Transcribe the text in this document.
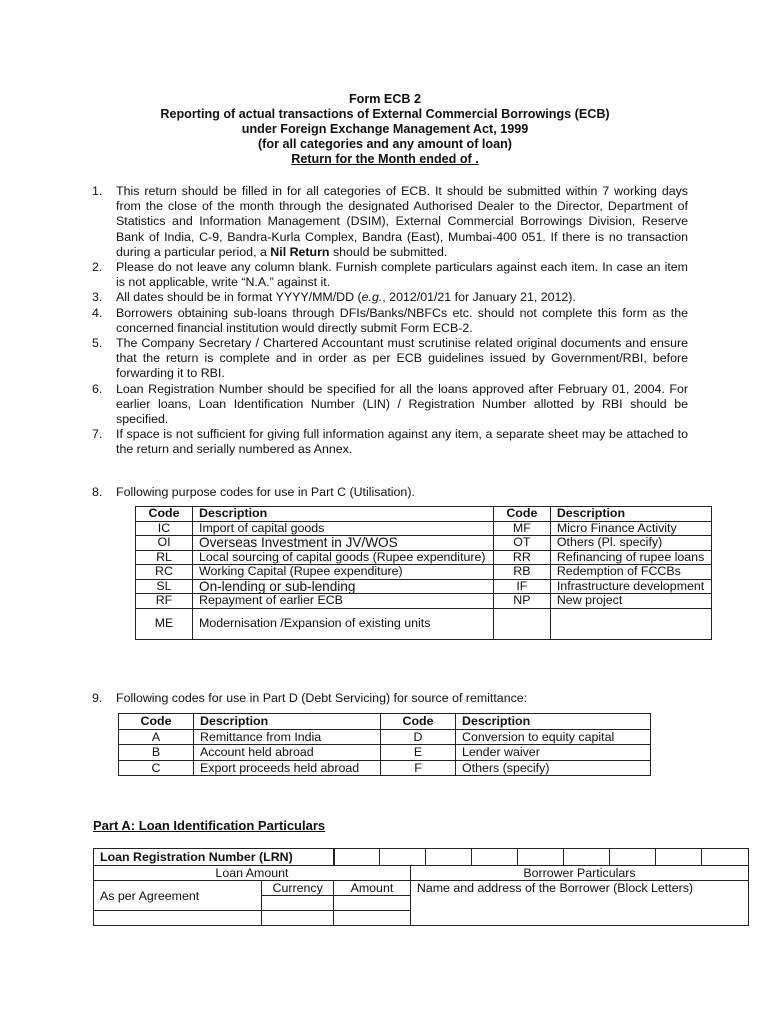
Form ECB 2
Reporting of actual transactions of External Commercial Borrowings (ECB)
under Foreign Exchange Management Act, 1999
(for all categories and any amount of loan)
Return for the Month ended of .
1. This return should be filled in for all categories of ECB. It should be submitted within 7 working days from the close of the month through the designated Authorised Dealer to the Director, Department of Statistics and Information Management (DSIM), External Commercial Borrowings Division, Reserve Bank of India, C-9, Bandra-Kurla Complex, Bandra (East), Mumbai-400 051. If there is no transaction during a particular period, a Nil Return should be submitted.
2. Please do not leave any column blank. Furnish complete particulars against each item. In case an item is not applicable, write “N.A.” against it.
3. All dates should be in format YYYY/MM/DD (e.g., 2012/01/21 for January 21, 2012).
4. Borrowers obtaining sub-loans through DFIs/Banks/NBFCs etc. should not complete this form as the concerned financial institution would directly submit Form ECB-2.
5. The Company Secretary / Chartered Accountant must scrutinise related original documents and ensure that the return is complete and in order as per ECB guidelines issued by Government/RBI, before forwarding it to RBI.
6. Loan Registration Number should be specified for all the loans approved after February 01, 2004. For earlier loans, Loan Identification Number (LIN) / Registration Number allotted by RBI should be specified.
7. If space is not sufficient for giving full information against any item, a separate sheet may be attached to the return and serially numbered as Annex.
8. Following purpose codes for use in Part C (Utilisation).
Code	Description	Code	Description
IC	Import of capital goods	MF	Micro Finance Activity
OI	Overseas Investment in JV/WOS	OT	Others (Pl. specify)
RL	Local sourcing of capital goods (Rupee expenditure)	RR	Refinancing of rupee loans
RC	Working Capital (Rupee expenditure)	RB	Redemption of FCCBs
SL	On-lending or sub-lending	IF	Infrastructure development
RF	Repayment of earlier ECB	NP	New project
ME	Modernisation /Expansion of existing units		
9. Following codes for use in Part D (Debt Servicing) for source of remittance:
Code	Description	Code	Description
A	Remittance from India	D	Conversion to equity capital
B	Account held abroad	E	Lender waiver
C	Export proceeds held abroad	F	Others (specify)
Part A: Loan Identification Particulars
Loan Registration Number (LRN)			

Loan Amount			Borrower Particulars
As per Agreement	Currency	Amount	Name and address of the Borrower (Block Letters)
